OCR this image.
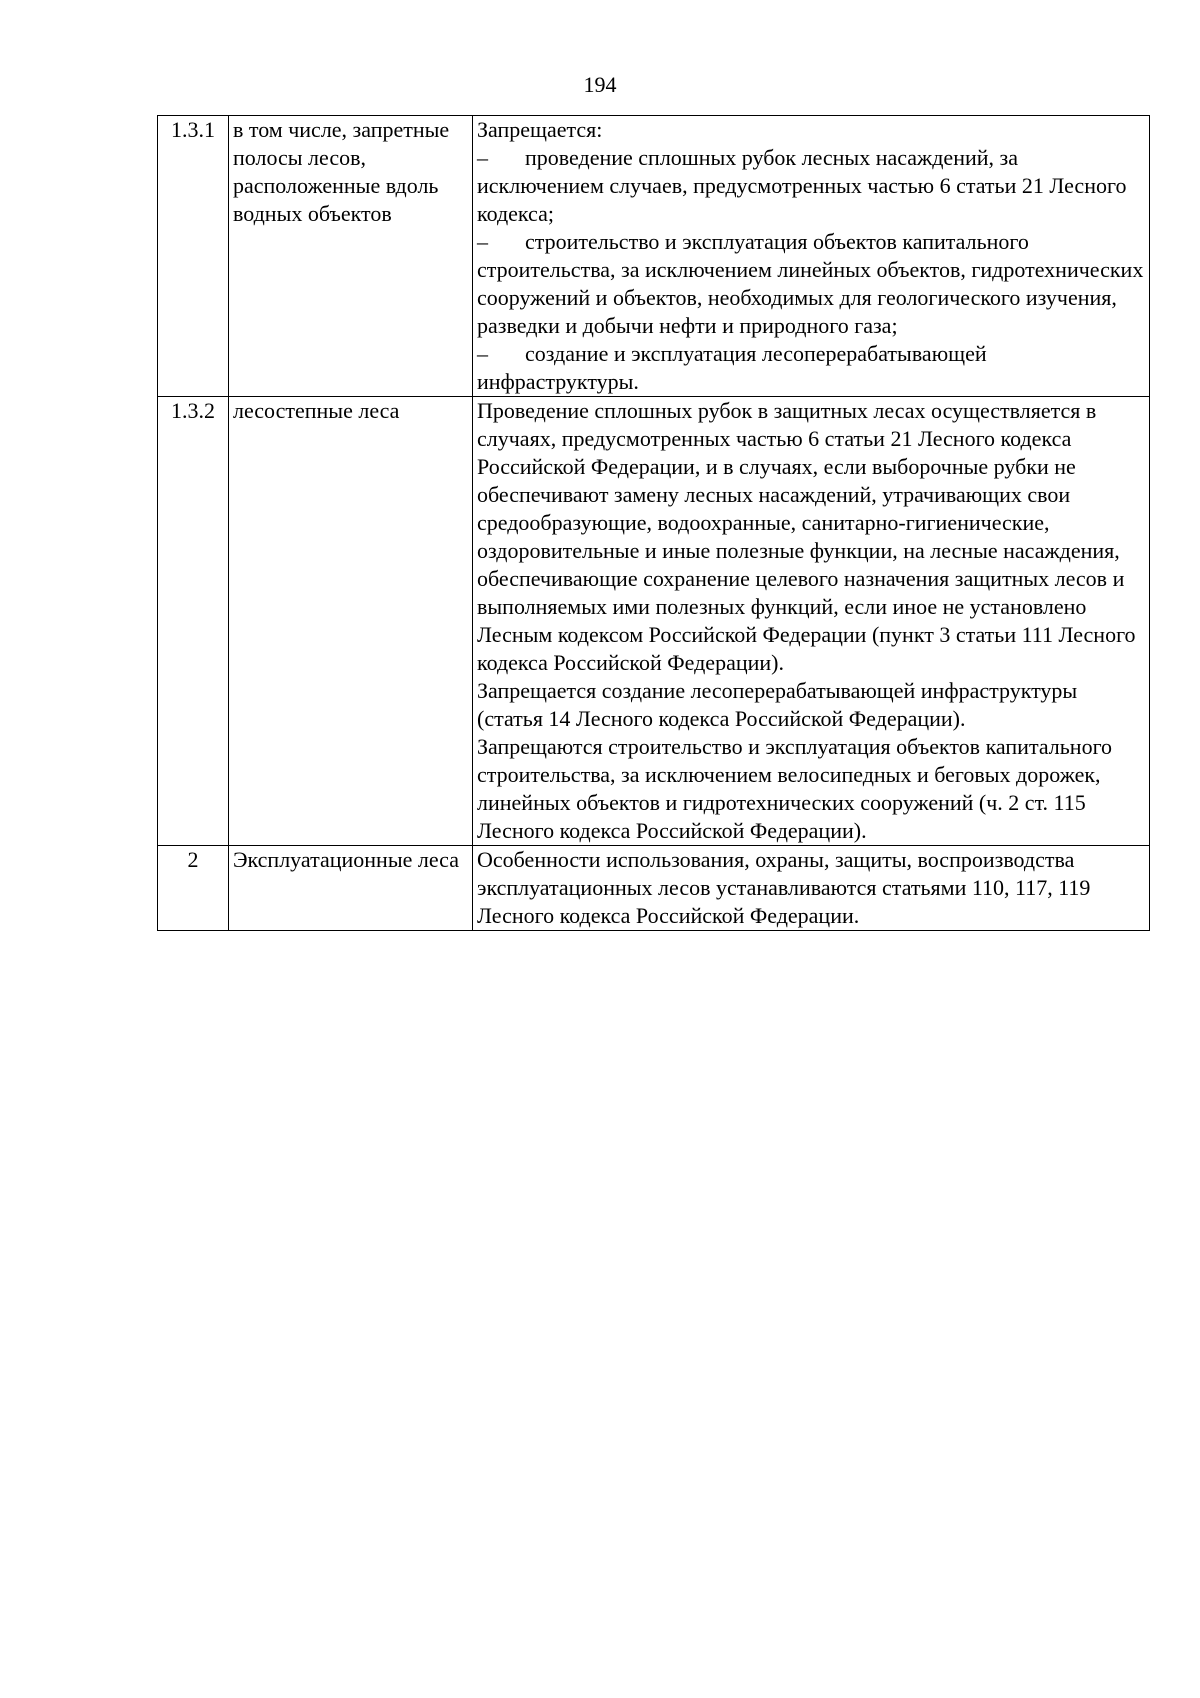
194
1.3.1	в том числе, запретные полосы лесов, расположенные вдоль водных объектов	Запрещается:
– проведение сплошных рубок лесных насаждений, за исключением случаев, предусмотренных частью 6 статьи 21 Лесного кодекса;
– строительство и эксплуатация объектов капитального строительства, за исключением линейных объектов, гидротехнических сооружений и объектов, необходимых для геологического изучения, разведки и добычи нефти и природного газа;
– создание и эксплуатация лесоперерабатывающей инфраструктуры.

1.3.2	лесостепные леса	Проведение сплошных рубок в защитных лесах осуществляется в случаях, предусмотренных частью 6 статьи 21 Лесного кодекса Российской Федерации, и в случаях, если выборочные рубки не обеспечивают замену лесных насаждений, утрачивающих свои средообразующие, водоохранные, санитарно-гигиенические, оздоровительные и иные полезные функции, на лесные насаждения, обеспечивающие сохранение целевого назначения защитных лесов и выполняемых ими полезных функций, если иное не установлено Лесным кодексом Российской Федерации (пункт 3 статьи 111 Лесного кодекса Российской Федерации).
Запрещается создание лесоперерабатывающей инфраструктуры (статья 14 Лесного кодекса Российской Федерации).
Запрещаются строительство и эксплуатация объектов капитального строительства, за исключением велосипедных и беговых дорожек, линейных объектов и гидротехнических сооружений (ч. 2 ст. 115 Лесного кодекса Российской Федерации).

2	Эксплуатационные леса	Особенности использования, охраны, защиты, воспроизводства эксплуатационных лесов устанавливаются статьями 110, 117, 119 Лесного кодекса Российской Федерации.
